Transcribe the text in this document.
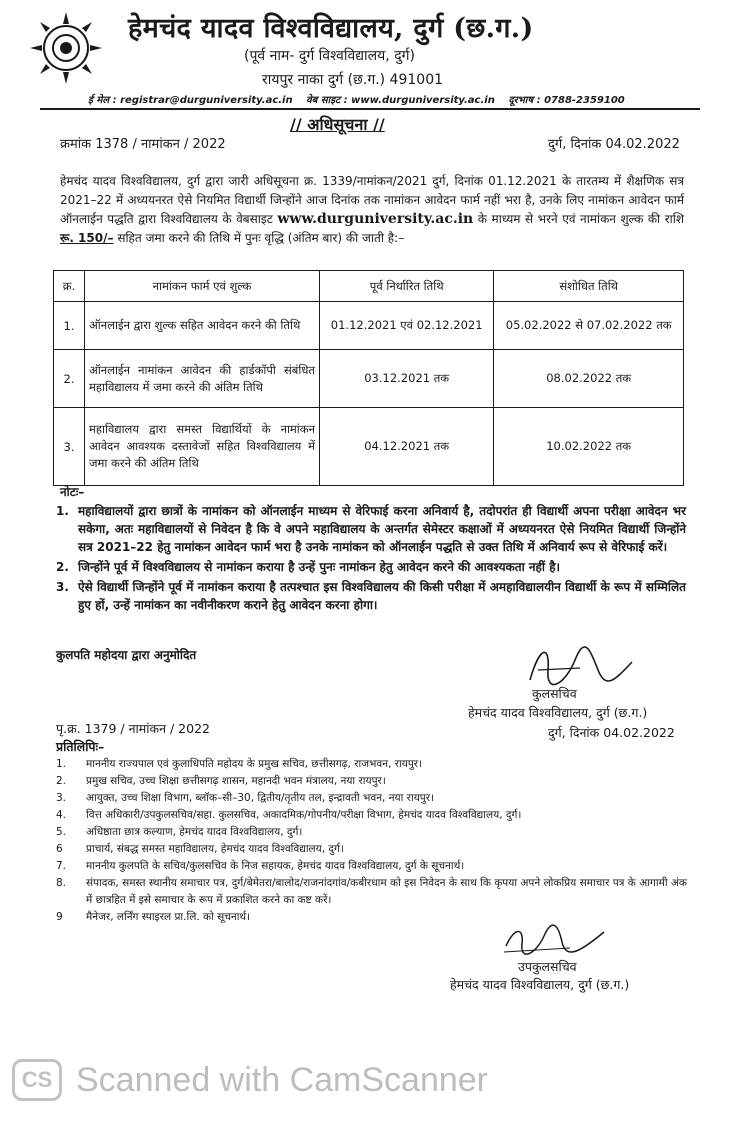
हेमचंद यादव विश्वविद्यालय, दुर्ग (छ.ग.)
(पूर्व नाम- दुर्ग विश्वविद्यालय, दुर्ग)
रायपुर नाका दुर्ग (छ.ग.) 491001
ई मेल : registrar@durguniversity.ac.in वेब साइट : www.durguniversity.ac.in दूरभाष : 0788-2359100
// अधिसूचना //
क्रमांक 1378 / नामांकन / 2022	दुर्ग, दिनांक 04.02.2022
हेमचंद यादव विश्वविद्यालय, दुर्ग द्वारा जारी अधिसूचना क्र. 1339/नामांकन/2021 दुर्ग, दिनांक 01.12.2021 के तारतम्य में शैक्षणिक सत्र 2021–22 में अध्ययनरत ऐसे नियमित विद्यार्थी जिन्होंने आज दिनांक तक नामांकन आवेदन फार्म नहीं भरा है, उनके लिए नामांकन आवेदन फार्म ऑनलाईन पद्धति द्वारा विश्वविद्यालय के वेबसाइट www.durguniversity.ac.in के माध्यम से भरने एवं नामांकन शुल्क की राशि रू. 150/– सहित जमा करने की तिथि में पुनः वृद्धि (अंतिम बार) की जाती है:–
क्र.	नामांकन फार्म एवं शुल्क	पूर्व निर्धारित तिथि	संशोधित तिथि
1.	ऑनलाईन द्वारा शुल्क सहित आवेदन करने की तिथि	01.12.2021 एवं 02.12.2021	05.02.2022 से 07.02.2022 तक
2.	ऑनलाईन नामांकन आवेदन की हार्डकॉपी संबंधित महाविद्यालय में जमा करने की अंतिम तिथि	03.12.2021 तक	08.02.2022 तक
3.	महाविद्यालय द्वारा समस्त विद्यार्थियों के नामांकन आवेदन आवश्यक दस्तावेजों सहित विश्वविद्यालय में जमा करने की अंतिम तिथि	04.12.2021 तक	10.02.2022 तक
नोटः–
1. महाविद्यालयों द्वारा छात्रों के नामांकन को ऑनलाईन माध्यम से वेरिफाई करना अनिवार्य है, तदोपरांत ही विद्यार्थी अपना परीक्षा आवेदन भर सकेगा, अतः महाविद्यालयों से निवेदन है कि वे अपने महाविद्यालय के अन्तर्गत सेमेस्टर कक्षाओं में अध्ययनरत ऐसे नियमित विद्यार्थी जिन्होंने सत्र 2021–22 हेतु नामांकन आवेदन फार्म भरा है उनके नामांकन को ऑनलाईन पद्धति से उक्त तिथि में अनिवार्य रूप से वेरिफाई करें।
2. जिन्होंने पूर्व में विश्वविद्यालय से नामांकन कराया है उन्हें पुनः नामांकन हेतु आवेदन करने की आवश्यकता नहीं है।
3. ऐसे विद्यार्थी जिन्होंने पूर्व में नामांकन कराया है तत्पश्चात इस विश्वविद्यालय की किसी परीक्षा में अमहाविद्यालयीन विद्यार्थी के रूप में सम्मिलित हुए हों, उन्हें नामांकन का नवीनीकरण कराने हेतु आवेदन करना होगा।
कुलपति महोदया द्वारा अनुमोदित
कुलसचिव
हेमचंद यादव विश्वविद्यालय, दुर्ग (छ.ग.)
पृ.क्र. 1379 / नामांकन / 2022	दुर्ग, दिनांक 04.02.2022
प्रतिलिपिः–
1.	माननीय राज्यपाल एवं कुलाधिपति महोदय के प्रमुख सचिव, छत्तीसगढ़, राजभवन, रायपुर।
2.	प्रमुख सचिव, उच्च शिक्षा छत्तीसगढ़ शासन, महानदी भवन मंत्रालय, नया रायपुर।
3.	आयुक्त, उच्च शिक्षा विभाग, ब्लॉक–सी–30, द्वितीय/तृतीय तल, इन्द्रावती भवन, नया रायपुर।
4.	वित्त अधिकारी/उपकुलसचिव/सहा. कुलसचिव, अकादमिक/गोपनीय/परीक्षा विभाग, हेमचंद यादव विश्वविद्यालय, दुर्ग।
5.	अधिष्ठाता छात्र कल्याण, हेमचंद यादव विश्वविद्यालय, दुर्ग।
6	प्राचार्य, संबद्ध समस्त महाविद्यालय, हेमचंद यादव विश्वविद्यालय, दुर्ग।
7.	माननीय कुलपति के सचिव/कुलसचिव के निज सहायक, हेमचंद यादव विश्वविद्यालय, दुर्ग के सूचनार्थ।
8.	संपादक, समस्त स्थानीय समाचार पत्र, दुर्ग/बेमेतरा/बालोद/राजनांदगांव/कबीरधाम को इस निवेदन के साथ कि कृपया अपने लोकप्रिय समाचार पत्र के आगामी अंक में छात्रहित में इसे समाचार के रूप में प्रकाशित करने का कष्ट करें।
9	मैनेजर, लर्निंग स्पाइरल प्रा.लि. को सूचनार्थ।
उपकुलसचिव
हेमचंद यादव विश्वविद्यालय, दुर्ग (छ.ग.)
CS Scanned with CamScanner
